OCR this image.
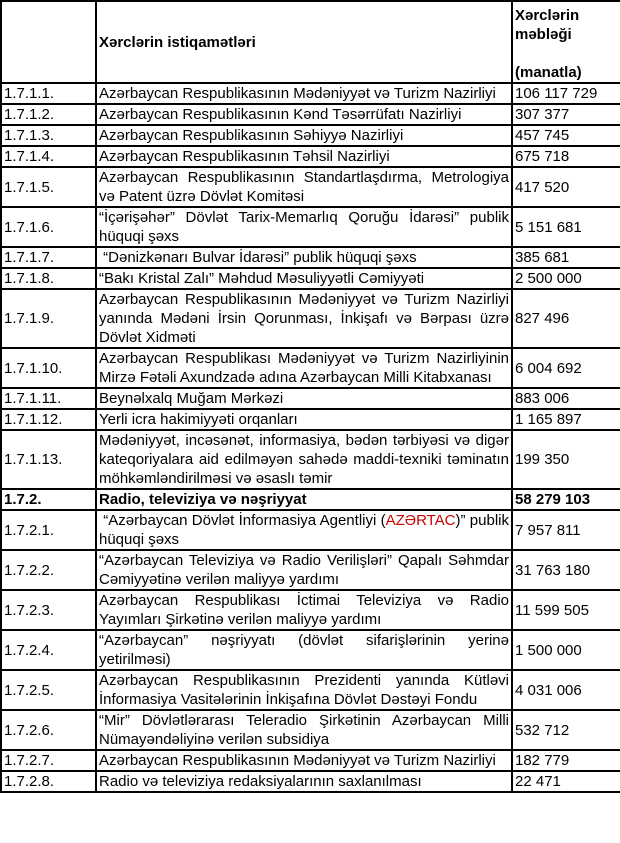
	Xərclərin istiqamətləri	Xərclərin məbləği
(manatla)

1.7.1.1.	Azərbaycan Respublikasının Mədəniyyət və Turizm Nazirliyi	106 117 729
1.7.1.2.	Azərbaycan Respublikasının Kənd Təsərrüfatı Nazirliyi	307 377
1.7.1.3.	Azərbaycan Respublikasının Səhiyyə Nazirliyi	457 745
1.7.1.4.	Azərbaycan Respublikasının Təhsil Nazirliyi	675 718
1.7.1.5.	Azərbaycan Respublikasının Standartlaşdırma, Metrologiya və Patent üzrə Dövlət Komitəsi	417 520
1.7.1.6.	“İçərişəhər” Dövlət Tarix-Memarlıq Qoruğu İdarəsi” publik hüquqi şəxs	5 151 681
1.7.1.7.	“Dənizkənarı Bulvar İdarəsi” publik hüquqi şəxs	385 681
1.7.1.8.	“Bakı Kristal Zalı” Məhdud Məsuliyyətli Cəmiyyəti	2 500 000
1.7.1.9.	Azərbaycan Respublikasının Mədəniyyət və Turizm Nazirliyi yanında Mədəni İrsin Qorunması, İnkişafı və Bərpası üzrə Dövlət Xidməti	827 496
1.7.1.10.	Azərbaycan Respublikası Mədəniyyət və Turizm Nazirliyinin Mirzə Fətəli Axundzadə adına Azərbaycan Milli Kitabxanası	6 004 692
1.7.1.11.	Beynəlxalq Muğam Mərkəzi	883 006
1.7.1.12.	Yerli icra hakimiyyəti orqanları	1 165 897
1.7.1.13.	Mədəniyyət, incəsənət, informasiya, bədən tərbiyəsi və digər kateqoriyalara aid edilməyən sahədə maddi-texniki təminatın möhkəmləndirilməsi və əsaslı təmir	199 350
1.7.2.	Radio, televiziya və nəşriyyat	58 279 103
1.7.2.1.	“Azərbaycan Dövlət İnformasiya Agentliyi (AZƏRTAC)” publik hüquqi şəxs	7 957 811
1.7.2.2.	“Azərbaycan Televiziya və Radio Verilişləri” Qapalı Səhmdar Cəmiyyətinə verilən maliyyə yardımı	31 763 180
1.7.2.3.	Azərbaycan Respublikası İctimai Televiziya və Radio Yayımları Şirkətinə verilən maliyyə yardımı	11 599 505
1.7.2.4.	“Azərbaycan” nəşriyyatı (dövlət sifarişlərinin yerinə yetirilməsi)	1 500 000
1.7.2.5.	Azərbaycan Respublikasının Prezidenti yanında Kütləvi İnformasiya Vasitələrinin İnkişafına Dövlət Dəstəyi Fondu	4 031 006
1.7.2.6.	“Mir” Dövlətlərarası Teleradio Şirkətinin Azərbaycan Milli Nümayəndəliyinə verilən subsidiya	532 712
1.7.2.7.	Azərbaycan Respublikasının Mədəniyyət və Turizm Nazirliyi	182 779
1.7.2.8.	Radio və televiziya redaksiyalarının saxlanılması	22 471
